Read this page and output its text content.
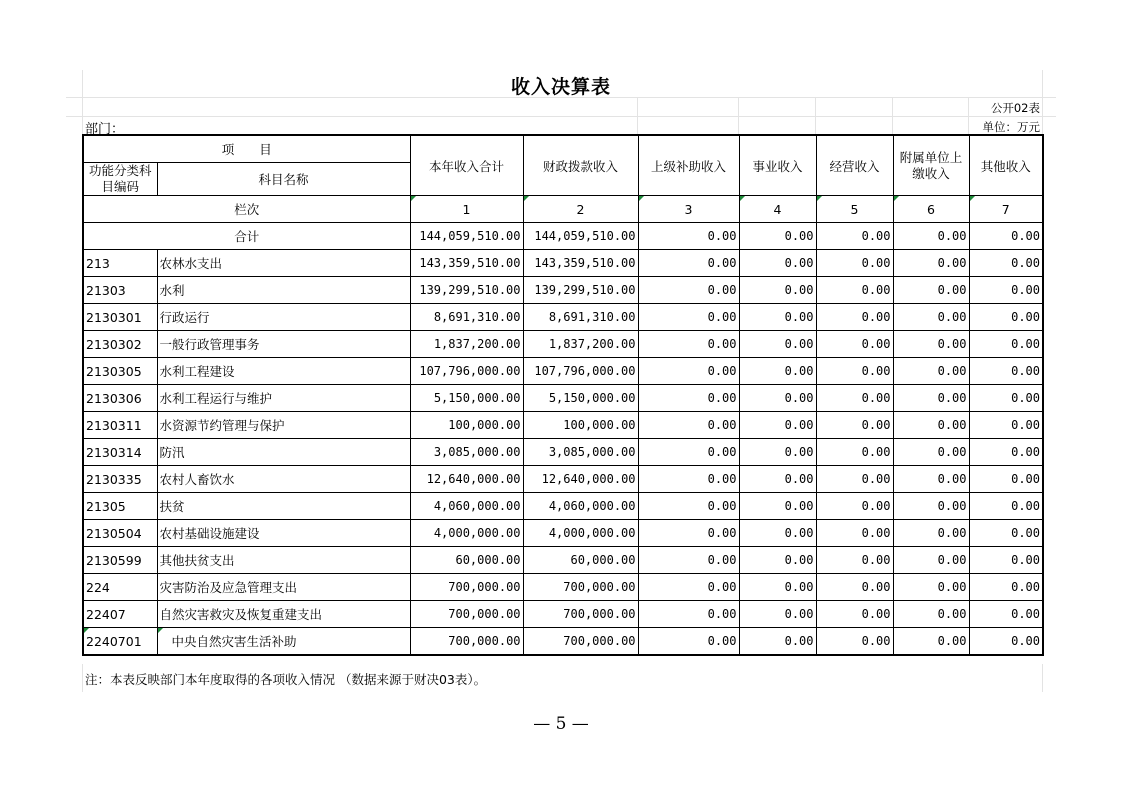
收入决算表
公开02表
单位：万元
部门：
项　　目		本年收入合计	财政拨款收入	上级补助收入	事业收入	经营收入	附属单位上缴收入	其他收入
功能分类科目编码	科目名称							
栏次		1	2	3	4	5	6	7
合计		144,059,510.00	144,059,510.00	0.00	0.00	0.00	0.00	0.00
213	农林水支出	143,359,510.00	143,359,510.00	0.00	0.00	0.00	0.00	0.00
21303	水利	139,299,510.00	139,299,510.00	0.00	0.00	0.00	0.00	0.00
2130301	行政运行	8,691,310.00	8,691,310.00	0.00	0.00	0.00	0.00	0.00
2130302	一般行政管理事务	1,837,200.00	1,837,200.00	0.00	0.00	0.00	0.00	0.00
2130305	水利工程建设	107,796,000.00	107,796,000.00	0.00	0.00	0.00	0.00	0.00
2130306	水利工程运行与维护	5,150,000.00	5,150,000.00	0.00	0.00	0.00	0.00	0.00
2130311	水资源节约管理与保护	100,000.00	100,000.00	0.00	0.00	0.00	0.00	0.00
2130314	防汛	3,085,000.00	3,085,000.00	0.00	0.00	0.00	0.00	0.00
2130335	农村人畜饮水	12,640,000.00	12,640,000.00	0.00	0.00	0.00	0.00	0.00
21305	扶贫	4,060,000.00	4,060,000.00	0.00	0.00	0.00	0.00	0.00
2130504	农村基础设施建设	4,000,000.00	4,000,000.00	0.00	0.00	0.00	0.00	0.00
2130599	其他扶贫支出	60,000.00	60,000.00	0.00	0.00	0.00	0.00	0.00
224	灾害防治及应急管理支出	700,000.00	700,000.00	0.00	0.00	0.00	0.00	0.00
22407	自然灾害救灾及恢复重建支出	700,000.00	700,000.00	0.00	0.00	0.00	0.00	0.00
2240701	中央自然灾害生活补助	700,000.00	700,000.00	0.00	0.00	0.00	0.00	0.00
注：本表反映部门本年度取得的各项收入情况 （数据来源于财决03表）。
— 5 —
